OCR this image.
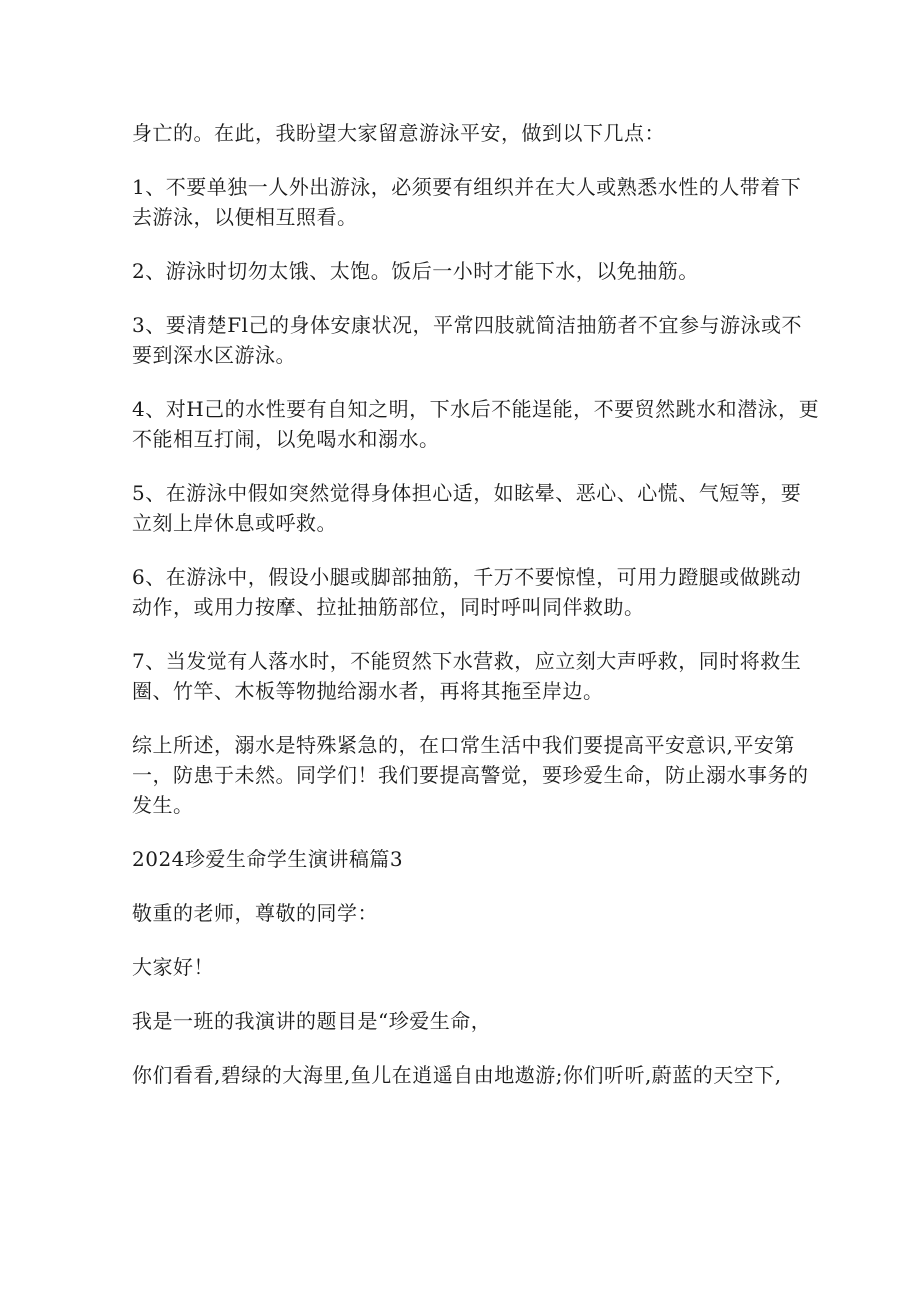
身亡的。在此，我盼望大家留意游泳平安，做到以下几点：

1、不要单独一人外出游泳，必须要有组织并在大人或熟悉水性的人带着下
去游泳，以便相互照看。

2、游泳时切勿太饿、太饱。饭后一小时才能下水，以免抽筋。

3、要清楚Fl己的身体安康状况，平常四肢就简洁抽筋者不宜参与游泳或不
要到深水区游泳。

4、对H己的水性要有自知之明，下水后不能逞能，不要贸然跳水和潜泳，更
不能相互打闹，以免喝水和溺水。

5、在游泳中假如突然觉得身体担心适，如眩晕、恶心、心慌、气短等，要
立刻上岸休息或呼救。

6、在游泳中，假设小腿或脚部抽筋，千万不要惊惶，可用力蹬腿或做跳动
动作，或用力按摩、拉扯抽筋部位，同时呼叫同伴救助。

7、当发觉有人落水时，不能贸然下水营救，应立刻大声呼救，同时将救生
圈、竹竿、木板等物抛给溺水者，再将其拖至岸边。

综上所述，溺水是特殊紧急的，在口常生活中我们要提高平安意识,平安第
一，防患于未然。同学们！我们要提高警觉，要珍爱生命，防止溺水事务的
发生。

2024珍爱生命学生演讲稿篇3

敬重的老师，尊敬的同学：

大家好！

我是一班的我演讲的题目是“珍爱生命，

你们看看,碧绿的大海里,鱼儿在逍遥自由地遨游;你们听听,蔚蓝的天空下,
